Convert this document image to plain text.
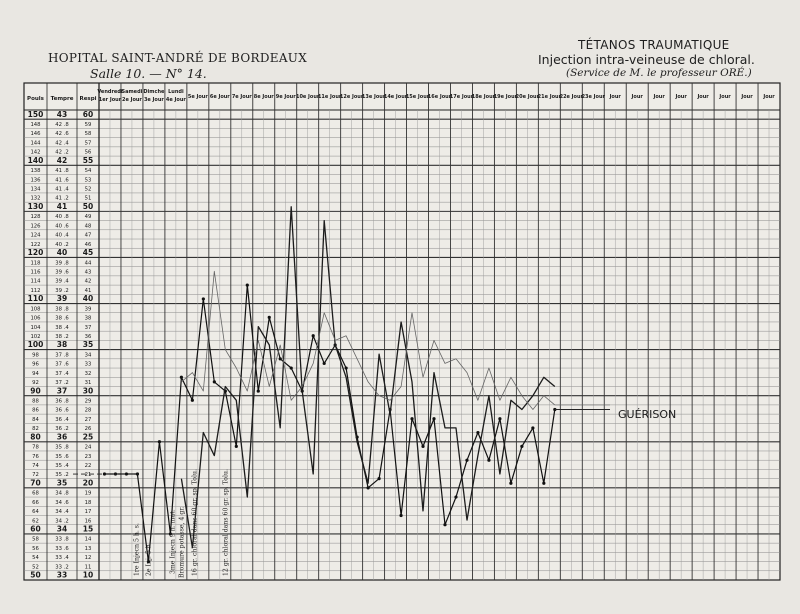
HOPITAL SAINT-ANDRÉ DE BORDEAUX
Salle 10. — N° 14.
TÉTANOS TRAUMATIQUE
Injection intra-veineuse de chloral.
(Service de M. le professeur ORÉ.)
Pouls Tempre Respi
Vendredi
1er Jour
Samedi
2e Jour
Dimche
3e Jour
Lundi
4e Jour 5e Jour 6e Jour 7e Jour 8e Jour 9e Jour 10e Jour
11e Jour
12e Jour
13e Jour
14e Jour
15e Jour
16e Jour
17e Jour
18e Jour
19e Jour
20e Jour
21e Jour
22e Jour
23e Jour Jour Jour Jour Jour Jour Jour Jour Jour
150 43 60
148	42 .8	59
146	42 .6	58
144	42 .4	57
142	42 .2	56
140 42 55
138	41 .8	54
136	41 .6	53
134	41 .4	52
132	41 .2	51
130 41 50
128	40 .8	49
126	40 .6	48
124	40 .4	47
122	40 .2	46
120 40 45
118	39 .8	44
116	39 .6	43
114	39 .4	42
112	39 .2	41
110 39 40
108	38 .8	39
106	38 .6	38
104	38 .4	37
102	38 .2	36
100 38 35
98	37 .8	34
96	37 .6	33
94	37 .4	32
92	37 .2	31
90 37 30
88	36 .8	29
86	36 .6	28
84	36 .4	27
82	36 .2	26
80 36 25
78	35 .8	24
76	35 .6	23
74	35 .4	22
72	35 .2	21
70 35 20
68	34 .8	19
66	34 .6	18
64	34 .4	17
62	34 .2	16
60 34 15
58	33 .8	14
56	33 .6	13
54	33 .4	12
52	33 .2	11
50 33 10
GUÉRISON
1re Injecn 5 h. s. 2e Inj. 5 h.	3me Injecn 9 h. mat. Bromure potasse, 4 gr. 16 gr. chloral dans 60 gr. sp. Tolu.	12 gr. chloral dans 60 gr. sp. Tolu.
